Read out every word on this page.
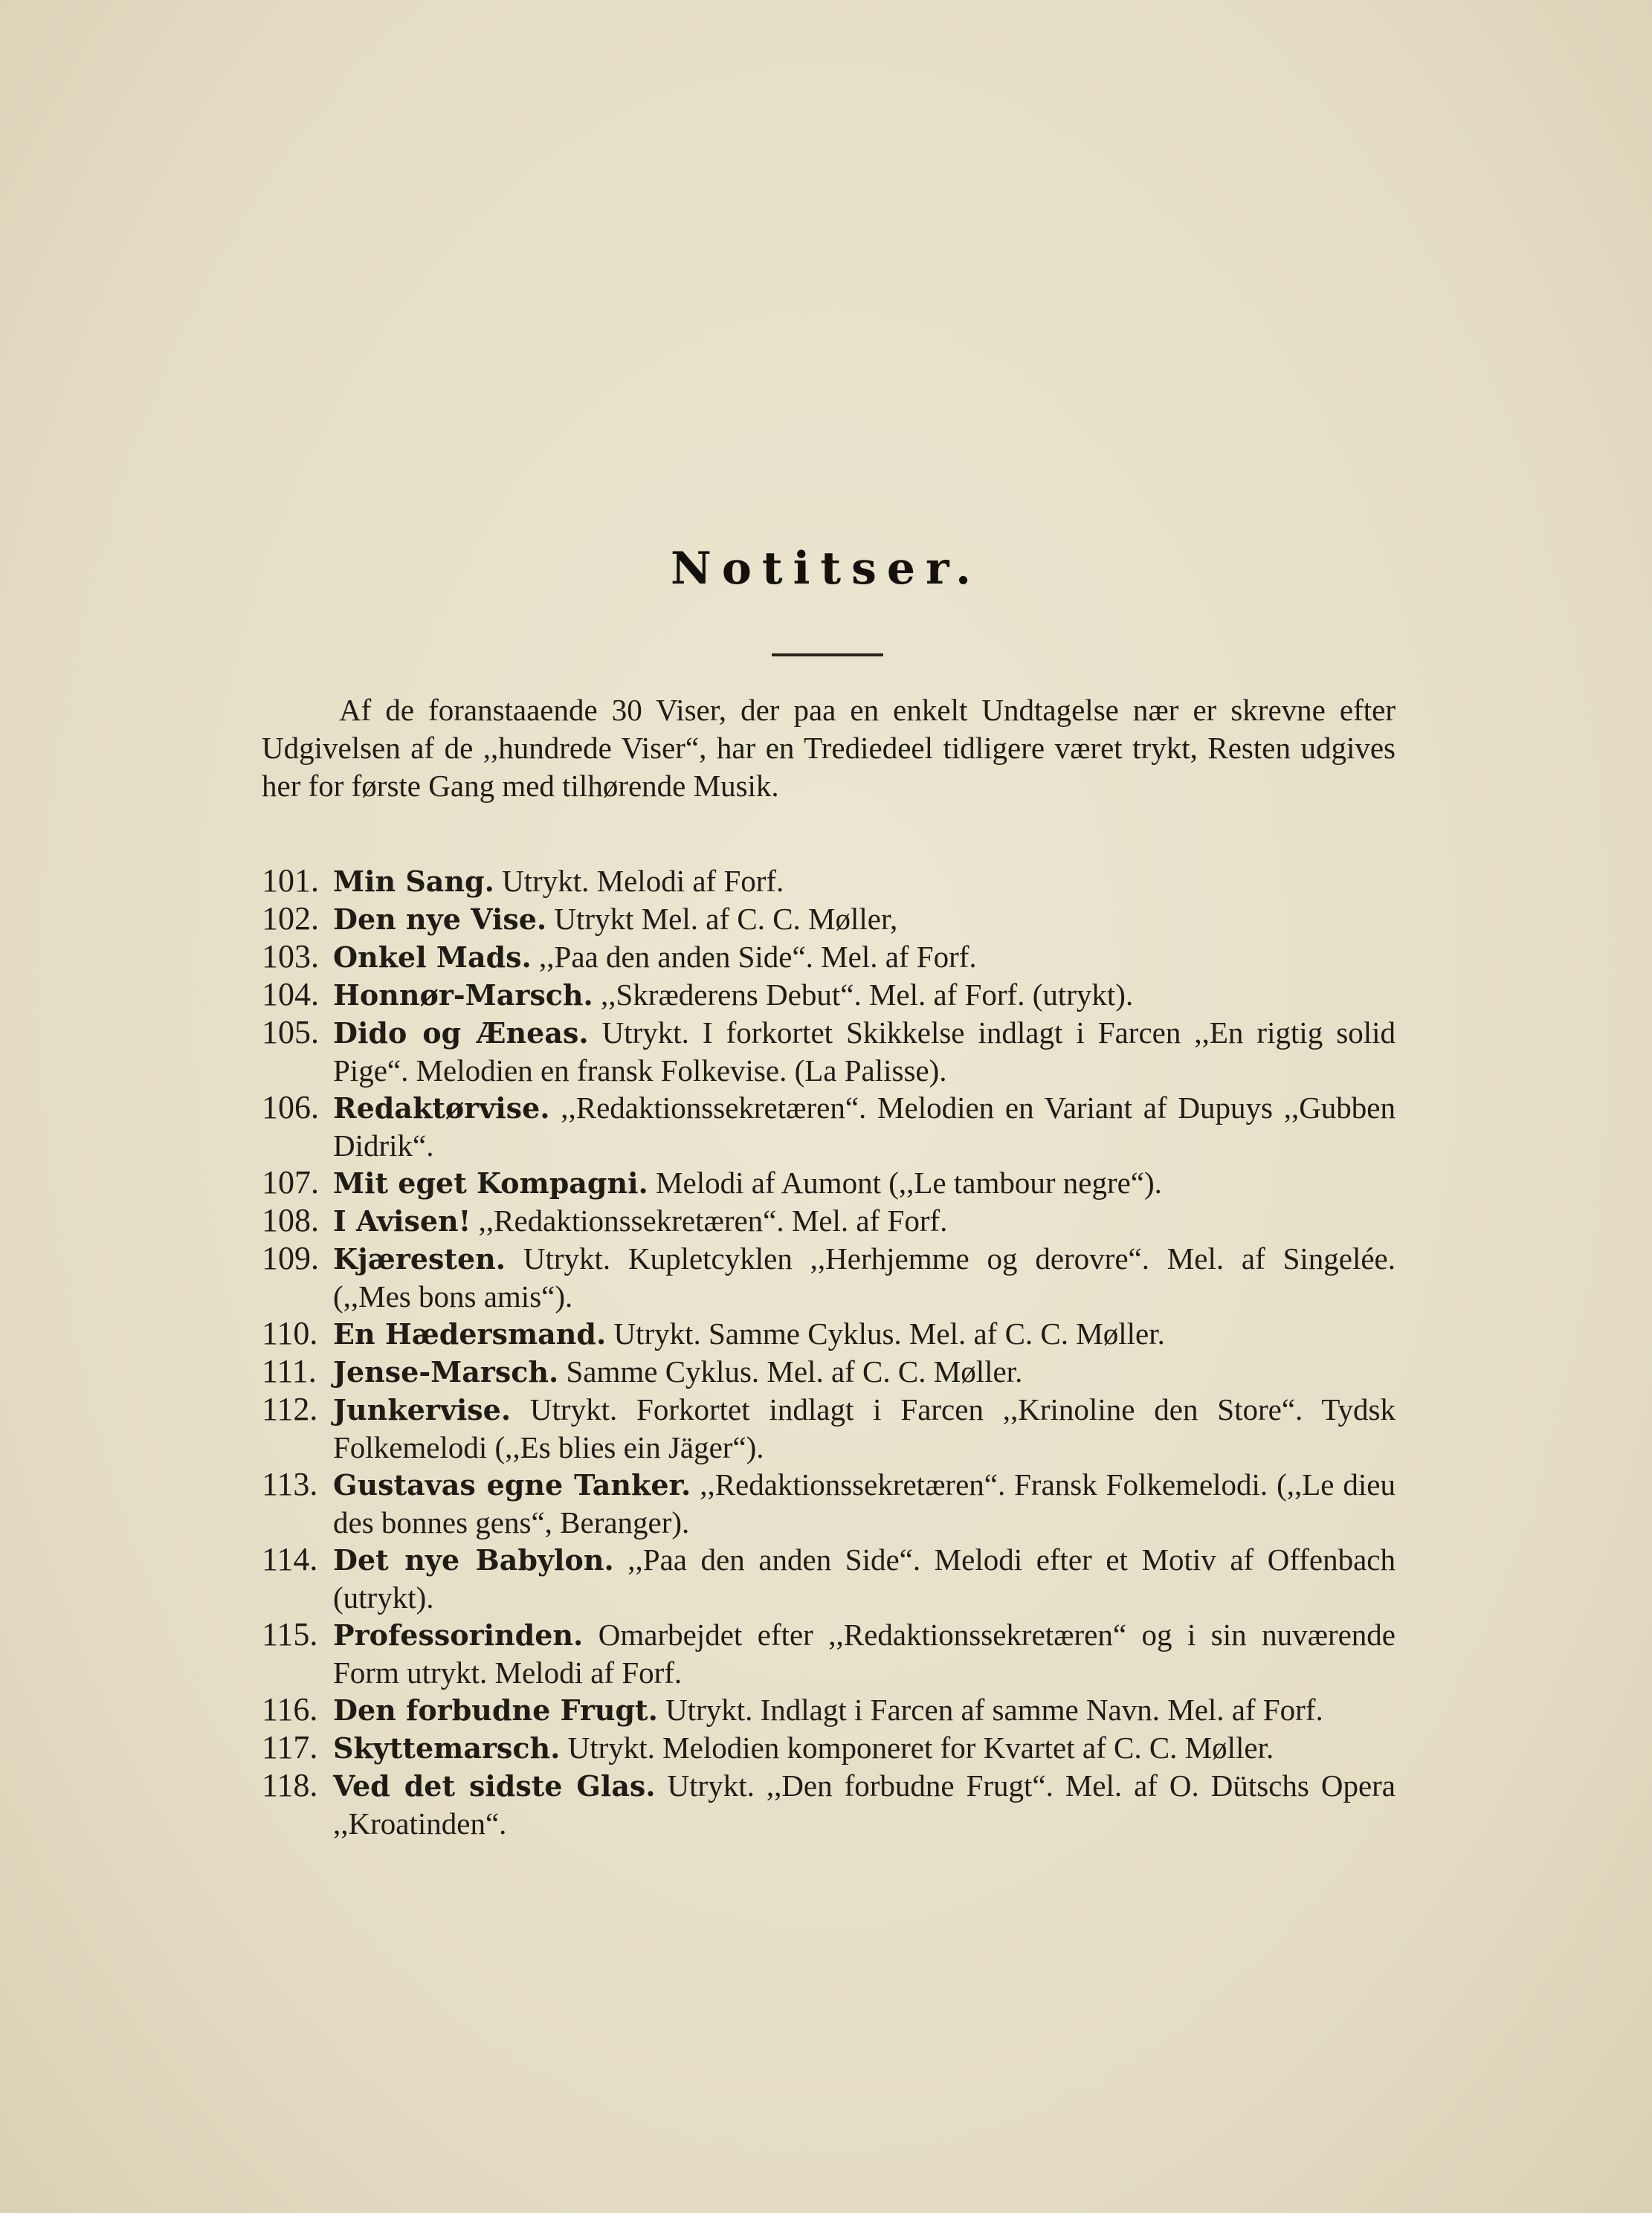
Notitser.

Af de foranstaaende 30 Viser, der paa en enkelt Undtagelse nær er skrevne efter Udgivelsen af de ,,hundrede Viser“, har en Trediedeel tidligere været trykt, Resten udgives her for første Gang med tilhørende Musik.

101. Min Sang. Utrykt. Melodi af Forf.
102. Den nye Vise. Utrykt Mel. af C. C. Møller,
103. Onkel Mads. ,,Paa den anden Side“. Mel. af Forf.
104. Honnør-Marsch. ,,Skræderens Debut“. Mel. af Forf. (utrykt).
105. Dido og Æneas. Utrykt. I forkortet Skikkelse indlagt i Farcen ,,En rigtig solid Pige“. Melodien en fransk Folkevise. (La Palisse).
106. Redaktørvise. ,,Redaktionssekretæren“. Melodien en Variant af Dupuys ,,Gubben Didrik“.
107. Mit eget Kompagni. Melodi af Aumont (,,Le tambour negre“).
108. I Avisen! ,,Redaktionssekretæren“. Mel. af Forf.
109. Kjæresten. Utrykt. Kupletcyklen ,,Herhjemme og derovre“. Mel. af Singelée. (,,Mes bons amis“).
110. En Hædersmand. Utrykt. Samme Cyklus. Mel. af C. C. Møller.
111. Jense-Marsch. Samme Cyklus. Mel. af C. C. Møller.
112. Junkervise. Utrykt. Forkortet indlagt i Farcen ,,Krinoline den Store“. Tydsk Folkemelodi (,,Es blies ein Jäger“).
113. Gustavas egne Tanker. ,,Redaktionssekretæren“. Fransk Folkemelodi. (,,Le dieu des bonnes gens“, Beranger).
114. Det nye Babylon. ,,Paa den anden Side“. Melodi efter et Motiv af Offenbach (utrykt).
115. Professorinden. Omarbejdet efter ,,Redaktionssekretæren“ og i sin nuværende Form utrykt. Melodi af Forf.
116. Den forbudne Frugt. Utrykt. Indlagt i Farcen af samme Navn. Mel. af Forf.
117. Skyttemarsch. Utrykt. Melodien komponeret for Kvartet af C. C. Møller.
118. Ved det sidste Glas. Utrykt. ,,Den forbudne Frugt“. Mel. af O. Dütschs Opera ,,Kroatinden“.
